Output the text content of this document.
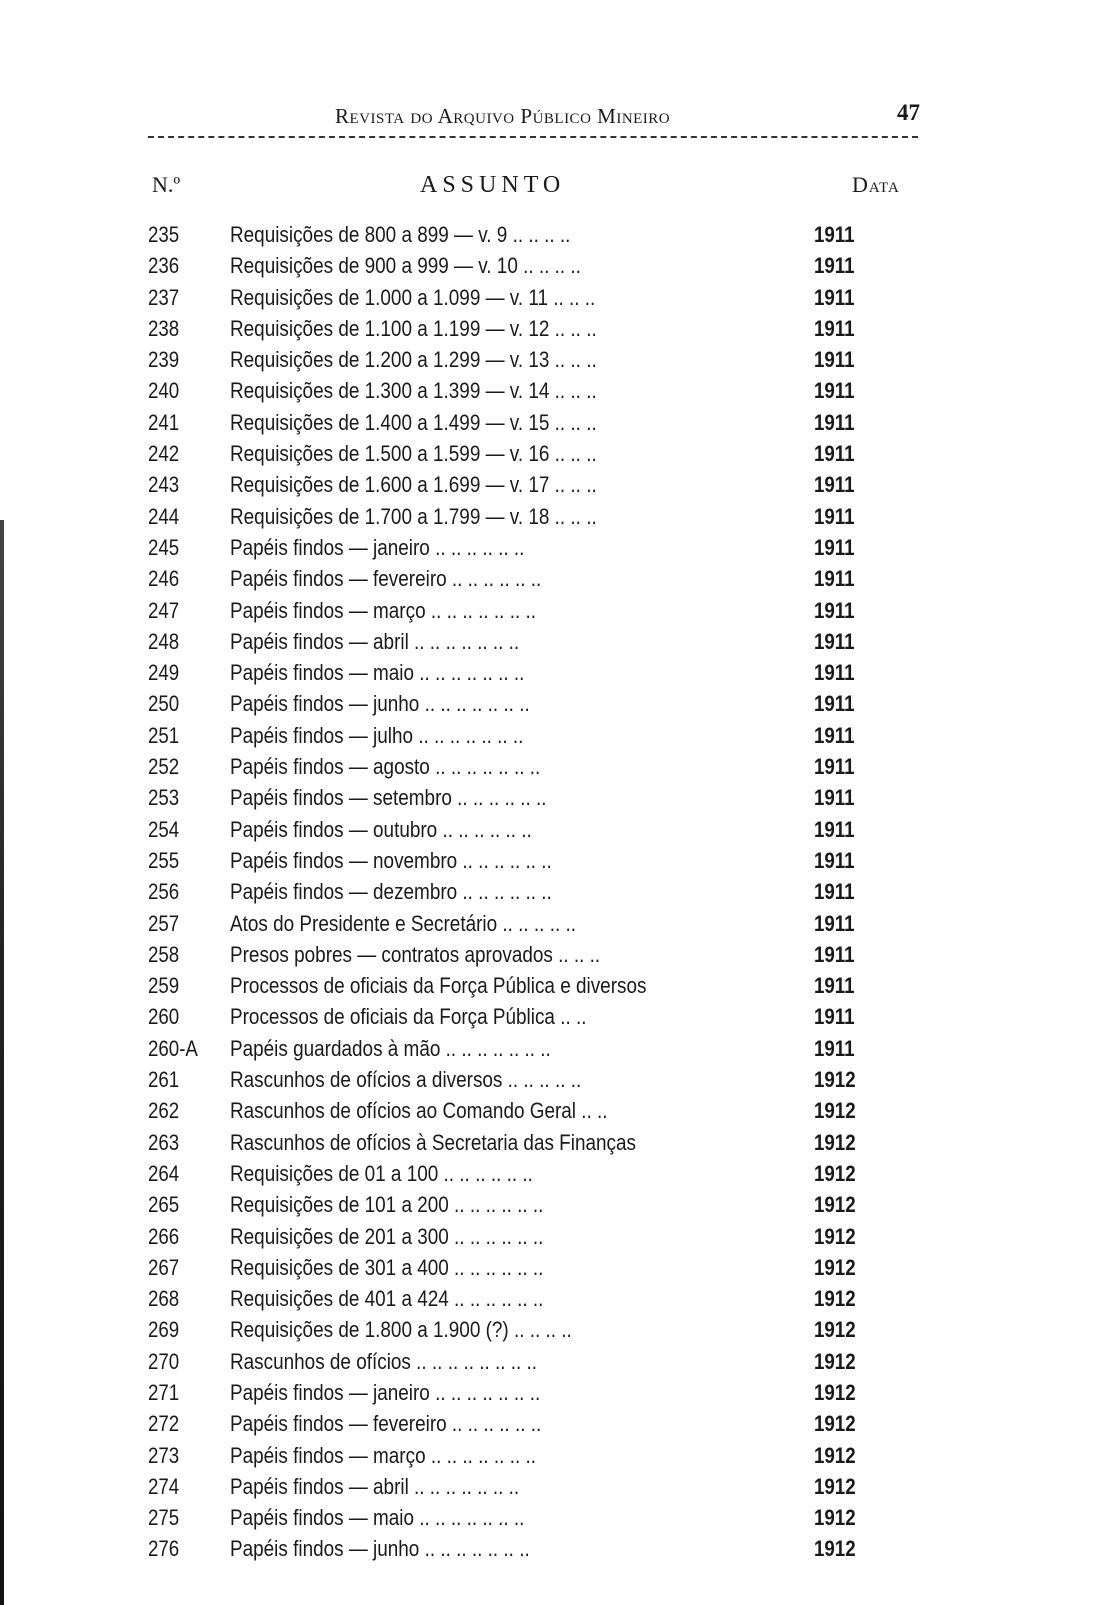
Revista do Arquivo Público Mineiro	47
N.º	ASSUNTO	Data
235	Requisições de 800 a 899 — v. 9 .. .. .. ..	1911
236	Requisições de 900 a 999 — v. 10 .. .. .. ..	1911
237	Requisições de 1.000 a 1.099 — v. 11 .. .. ..	1911
238	Requisições de 1.100 a 1.199 — v. 12 .. .. ..	1911
239	Requisições de 1.200 a 1.299 — v. 13 .. .. ..	1911
240	Requisições de 1.300 a 1.399 — v. 14 .. .. ..	1911
241	Requisições de 1.400 a 1.499 — v. 15 .. .. ..	1911
242	Requisições de 1.500 a 1.599 — v. 16 .. .. ..	1911
243	Requisições de 1.600 a 1.699 — v. 17 .. .. ..	1911
244	Requisições de 1.700 a 1.799 — v. 18 .. .. ..	1911
245	Papéis findos — janeiro .. .. .. .. .. ..	1911
246	Papéis findos — fevereiro .. .. .. .. .. ..	1911
247	Papéis findos — março .. .. .. .. .. .. ..	1911
248	Papéis findos — abril .. .. .. .. .. .. ..	1911
249	Papéis findos — maio .. .. .. .. .. .. ..	1911
250	Papéis findos — junho .. .. .. .. .. .. ..	1911
251	Papéis findos — julho .. .. .. .. .. .. ..	1911
252	Papéis findos — agosto .. .. .. .. .. .. ..	1911
253	Papéis findos — setembro .. .. .. .. .. ..	1911
254	Papéis findos — outubro .. .. .. .. .. ..	1911
255	Papéis findos — novembro .. .. .. .. .. ..	1911
256	Papéis findos — dezembro .. .. .. .. .. ..	1911
257	Atos do Presidente e Secretário .. .. .. .. ..	1911
258	Presos pobres — contratos aprovados .. .. ..	1911
259	Processos de oficiais da Força Pública e diversos	1911
260	Processos de oficiais da Força Pública .. ..	1911
260-A	Papéis guardados à mão .. .. .. .. .. .. ..	1911
261	Rascunhos de ofícios a diversos .. .. .. .. ..	1912
262	Rascunhos de ofícios ao Comando Geral .. ..	1912
263	Rascunhos de ofícios à Secretaria das Finanças	1912
264	Requisições de 01 a 100 .. .. .. .. .. ..	1912
265	Requisições de 101 a 200 .. .. .. .. .. ..	1912
266	Requisições de 201 a 300 .. .. .. .. .. ..	1912
267	Requisições de 301 a 400 .. .. .. .. .. ..	1912
268	Requisições de 401 a 424 .. .. .. .. .. ..	1912
269	Requisições de 1.800 a 1.900 (?) .. .. .. ..	1912
270	Rascunhos de ofícios .. .. .. .. .. .. .. ..	1912
271	Papéis findos — janeiro .. .. .. .. .. .. ..	1912
272	Papéis findos — fevereiro .. .. .. .. .. ..	1912
273	Papéis findos — março .. .. .. .. .. .. ..	1912
274	Papéis findos — abril .. .. .. .. .. .. ..	1912
275	Papéis findos — maio .. .. .. .. .. .. ..	1912
276	Papéis findos — junho .. .. .. .. .. .. ..	1912
